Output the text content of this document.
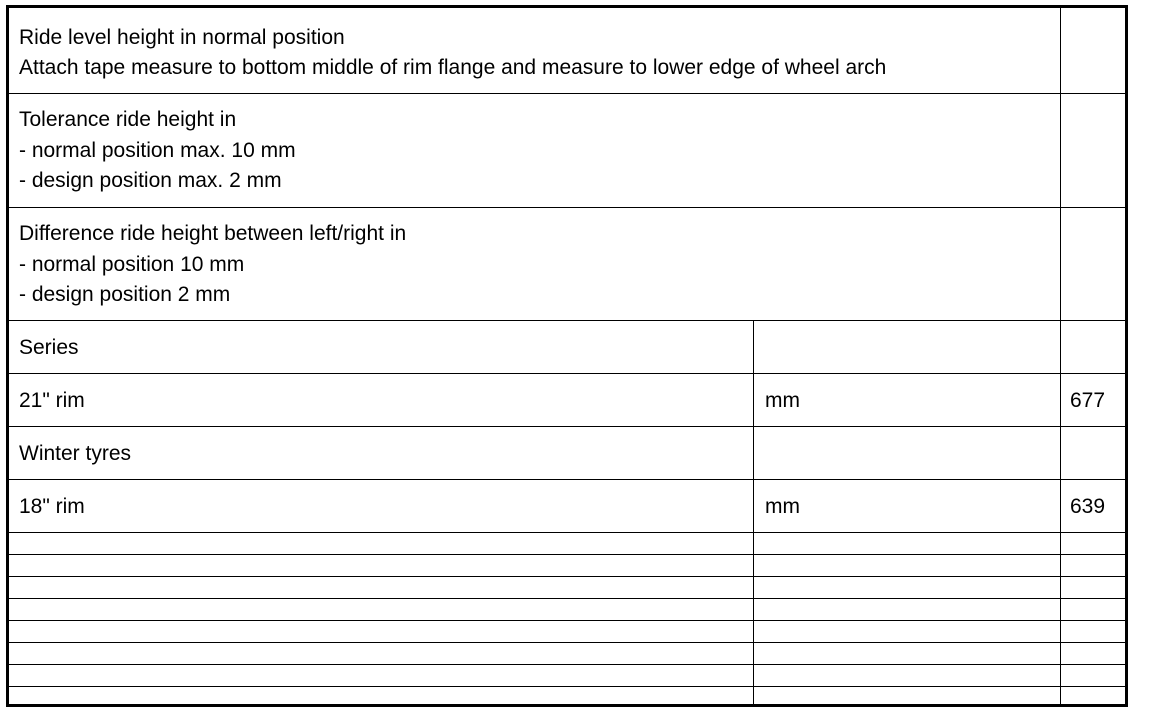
Ride level height in normal position
Attach tape measure to bottom middle of rim flange and measure to lower edge of wheel arch
Tolerance ride height in
- normal position max. 10 mm
- design position max. 2 mm
Difference ride height between left/right in
- normal position 10 mm
- design position 2 mm
Series
21" rim	mm	677
Winter tyres
18" rim	mm	639
